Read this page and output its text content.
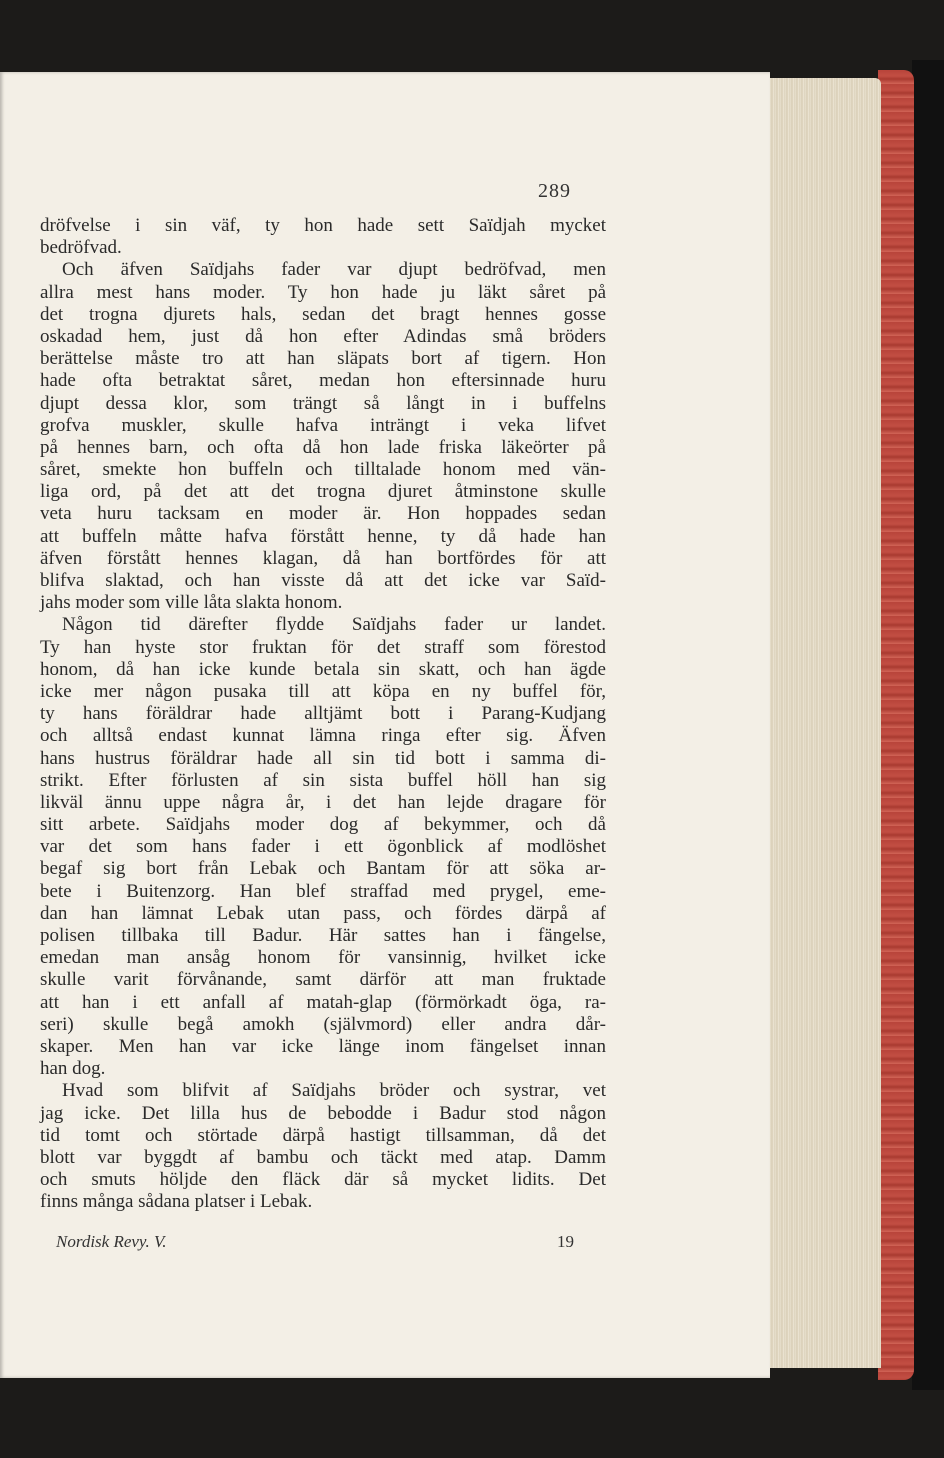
289
dröfvelse i sin väf, ty hon hade sett Saïdjah mycket
bedröfvad.
Och äfven Saïdjahs fader var djupt bedröfvad, men
allra mest hans moder. Ty hon hade ju läkt såret på
det trogna djurets hals, sedan det bragt hennes gosse
oskadad hem, just då hon efter Adindas små bröders
berättelse måste tro att han släpats bort af tigern. Hon
hade ofta betraktat såret, medan hon eftersinnade huru
djupt dessa klor, som trängt så långt in i buffelns
grofva muskler, skulle hafva inträngt i veka lifvet
på hennes barn, och ofta då hon lade friska läkeörter på
såret, smekte hon buffeln och tilltalade honom med vän-
liga ord, på det att det trogna djuret åtminstone skulle
veta huru tacksam en moder är. Hon hoppades sedan
att buffeln måtte hafva förstått henne, ty då hade han
äfven förstått hennes klagan, då han bortfördes för att
blifva slaktad, och han visste då att det icke var Saïd-
jahs moder som ville låta slakta honom.
Någon tid därefter flydde Saïdjahs fader ur landet.
Ty han hyste stor fruktan för det straff som förestod
honom, då han icke kunde betala sin skatt, och han ägde
icke mer någon pusaka till att köpa en ny buffel för,
ty hans föräldrar hade alltjämt bott i Parang-Kudjang
och alltså endast kunnat lämna ringa efter sig. Äfven
hans hustrus föräldrar hade all sin tid bott i samma di-
strikt. Efter förlusten af sin sista buffel höll han sig
likväl ännu uppe några år, i det han lejde dragare för
sitt arbete. Saïdjahs moder dog af bekymmer, och då
var det som hans fader i ett ögonblick af modlöshet
begaf sig bort från Lebak och Bantam för att söka ar-
bete i Buitenzorg. Han blef straffad med prygel, eme-
dan han lämnat Lebak utan pass, och fördes därpå af
polisen tillbaka till Badur. Här sattes han i fängelse,
emedan man ansåg honom för vansinnig, hvilket icke
skulle varit förvånande, samt därför att man fruktade
att han i ett anfall af matah-glap (förmörkadt öga, ra-
seri) skulle begå amokh (självmord) eller andra dår-
skaper. Men han var icke länge inom fängelset innan
han dog.
Hvad som blifvit af Saïdjahs bröder och systrar, vet
jag icke. Det lilla hus de bebodde i Badur stod någon
tid tomt och störtade därpå hastigt tillsamman, då det
blott var byggdt af bambu och täckt med atap. Damm
och smuts höljde den fläck där så mycket lidits. Det
finns många sådana platser i Lebak.
Nordisk Revy. V.	19
